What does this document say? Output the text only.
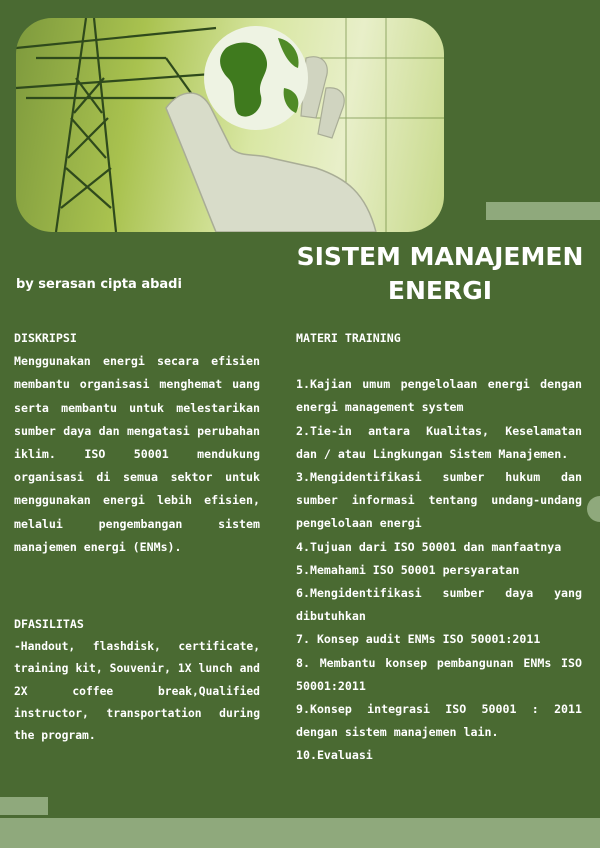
SISTEM MANAJEMEN
ENERGI
by serasan cipta abadi
DISKRIPSI
Menggunakan energi secara efisien membantu organisasi menghemat uang serta membantu untuk melestarikan sumber daya dan mengatasi perubahan iklim. ISO 50001 mendukung organisasi di semua sektor untuk menggunakan energi lebih efisien, melalui pengembangan sistem manajemen energi (ENMs).
DFASILITAS
-Handout, flashdisk, certificate, training kit, Souvenir, 1X lunch and 2X coffee break,Qualified instructor, transportation during the program.
MATERI TRAINING
1.Kajian umum pengelolaan energi dengan energi management system
2.Tie-in antara Kualitas, Keselamatan dan / atau Lingkungan Sistem Manajemen.
3.Mengidentifikasi sumber hukum dan sumber informasi tentang undang-undang pengelolaan energi
4.Tujuan dari ISO 50001 dan manfaatnya
5.Memahami ISO 50001 persyaratan
6.Mengidentifikasi sumber daya yang dibutuhkan
7. Konsep audit ENMs ISO 50001:2011
8. Membantu konsep pembangunan ENMs ISO 50001:2011
9.Konsep integrasi ISO 50001 : 2011 dengan sistem manajemen lain.
10.Evaluasi
